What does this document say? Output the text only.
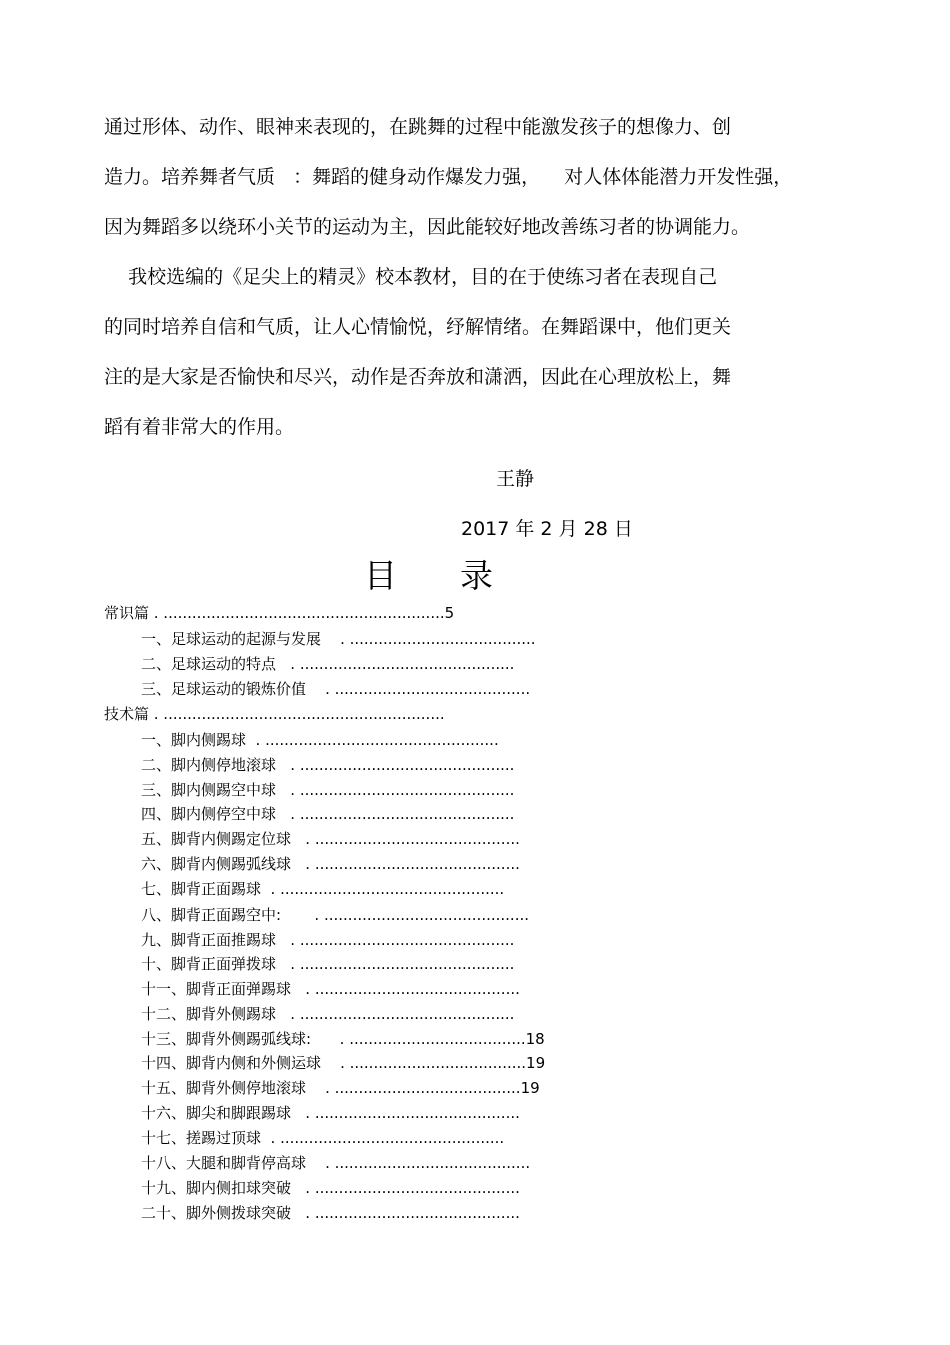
通过形体、动作、眼神来表现的，在跳舞的过程中能激发孩子的想像力、创
造力。培养舞者气质   ：舞蹈的健身动作爆发力强，    对人体体能潜力开发性强，
因为舞蹈多以绕环小关节的运动为主，因此能较好地改善练习者的协调能力。
我校选编的《足尖上的精灵》校本教材，目的在于使练习者在表现自己
的同时培养自信和气质，让人心情愉悦，纾解情绪。在舞蹈课中，他们更关
注的是大家是否愉快和尽兴，动作是否奔放和潇洒，因此在心理放松上，舞
蹈有着非常大的作用。
王静
2017 年 2 月 28 日
目      录
常识篇 . ...........................................................5
一、足球运动的起源与发展    . .......................................
二、足球运动的特点   . .............................................
三、足球运动的锻炼价值    . .........................................
技术篇 . ...........................................................
一、脚内侧踢球  . .................................................
二、脚内侧停地滚球   . .............................................
三、脚内侧踢空中球   . .............................................
四、脚内侧停空中球   . .............................................
五、脚背内侧踢定位球   . ...........................................
六、脚背内侧踢弧线球   . ...........................................
七、脚背正面踢球  . ...............................................
八、脚背正面踢空中:       . ...........................................
九、脚背正面推踢球   . .............................................
十、脚背正面弹拨球   . .............................................
十一、脚背正面弹踢球   . ...........................................
十二、脚背外侧踢球   . .............................................
十三、脚背外侧踢弧线球:      . .....................................18
十四、脚背内侧和外侧运球    . .....................................19
十五、脚背外侧停地滚球    . .......................................19
十六、脚尖和脚跟踢球   . ...........................................
十七、搓踢过顶球  . ...............................................
十八、大腿和脚背停高球    . .........................................
十九、脚内侧扣球突破   . ...........................................
二十、脚外侧拨球突破   . ...........................................
